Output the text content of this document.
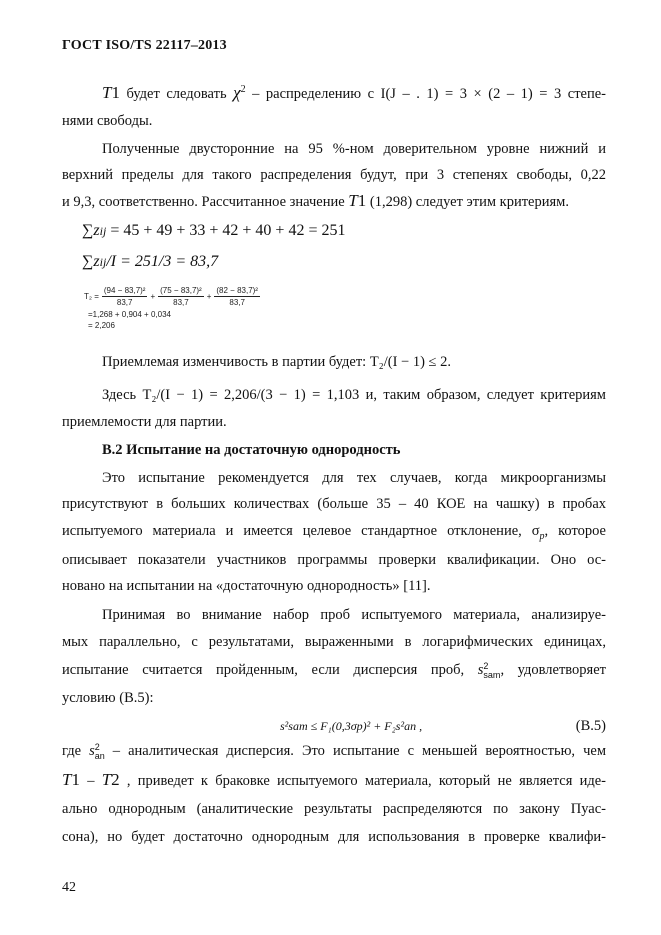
ГОСТ ISO/TS 22117–2013
T1 будет следовать $\chi^2$ – распределению с I(J – . 1) = 3 × (2 – 1) = 3 степе-
нями свободы.
Полученные двусторонние на 95 %-ном доверительном уровне нижний и
верхний пределы для такого распределения будут, при 3 степенях свободы, 0,22
и 9,3, соответственно. Рассчитанное значение T1 (1,298) следует этим критериям.
∑zij = 45 + 49 + 33 + 42 + 40 + 42 = 251
∑zij/I = 251/3 = 83,7
$T_2 = \frac{\text{(94 − 83,7)²}}{83,7} + \frac{\text{(75 − 83,7)²}}{83,7} + \frac{\text{(82 − 83,7)²}}{83,7}$
=1,268 + 0,904 + 0,034
= 2,206
Приемлемая изменчивость в партии будет: T₂/(I − 1) ≤ 2.
Здесь T₂/(I − 1) = 2,206/(3 − 1) = 1,103 и, таким образом, следует критериям
приемлемости для партии.
В.2 Испытание на достаточную однородность
Это испытание рекомендуется для тех случаев, когда микроорганизмы
присутствуют в больших количествах (больше 35 – 40 КОЕ на чашку) в пробах
испытуемого материала и имеется целевое стандартное отклонение, $\sigma_p$, которое
описывает показатели участников программы проверки квалификации. Оно ос-
новано на испытании на «достаточную однородность» [11].
Принимая во внимание набор проб испытуемого материала, анализируе-
мых параллельно, с результатами, выраженными в логарифмических единицах,
испытание считается пройденным, если дисперсия проб, s 2
sam , удовлетворяет
условию (В.5):
s²sam ≤ F₁(0,3σp)² + F₂s²an ,	(В.5)
где s 2
an – аналитическая дисперсия. Это испытание с меньшей вероятностью, чем
T1 – T2 , приведет к браковке испытуемого материала, который не является иде-
ально однородным (аналитические результаты распределяются по закону Пуас-
сона), но будет достаточно однородным для использования в проверке квалифи-
42
